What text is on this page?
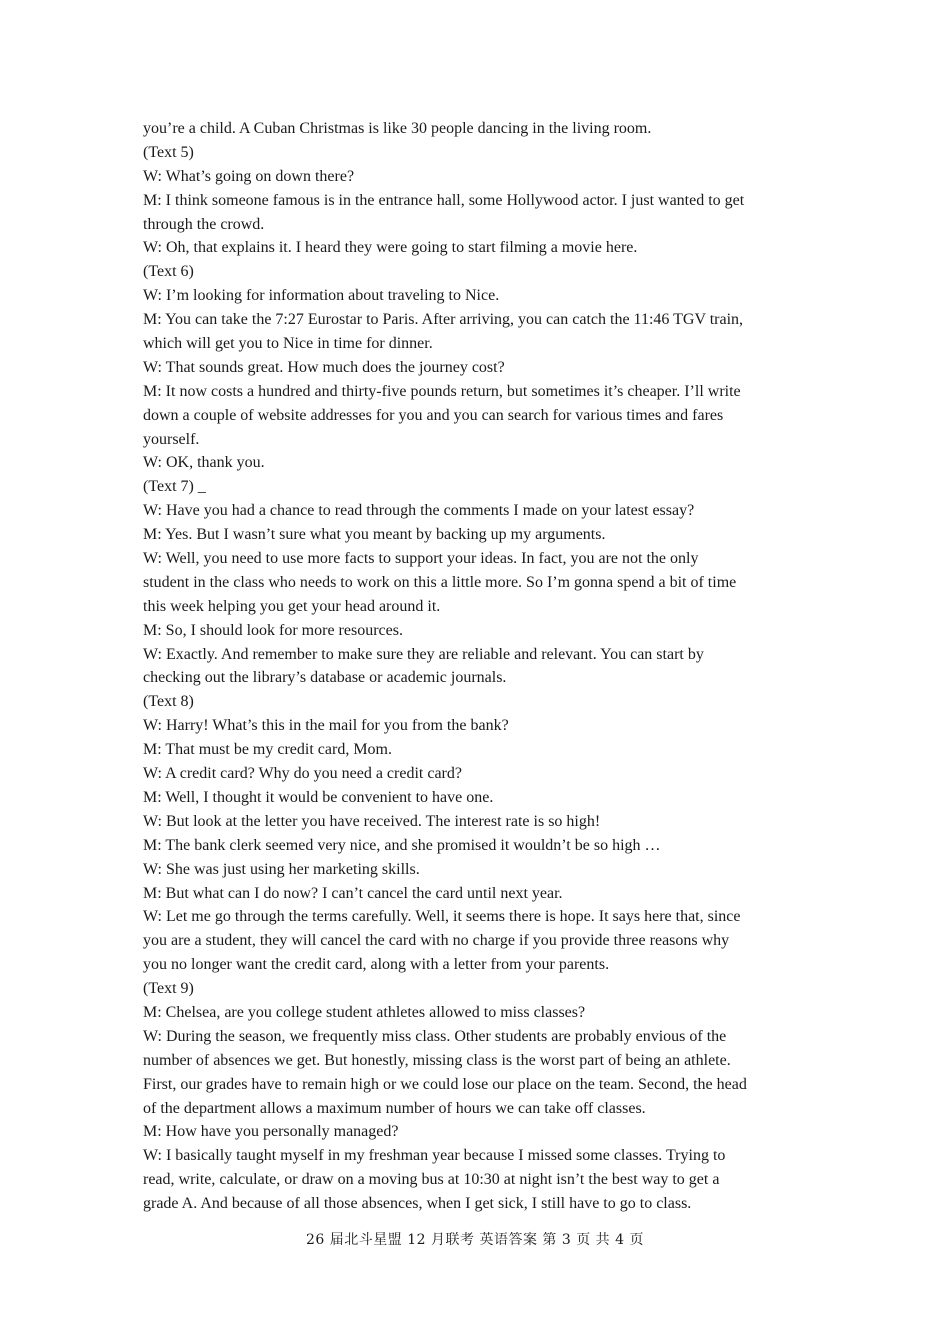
you’re a child. A Cuban Christmas is like 30 people dancing in the living room.
(Text 5)
W: What’s going on down there?
M: I think someone famous is in the entrance hall, some Hollywood actor. I just wanted to get
through the crowd.
W: Oh, that explains it. I heard they were going to start filming a movie here.
(Text 6)
W: I’m looking for information about traveling to Nice.
M: You can take the 7:27 Eurostar to Paris. After arriving, you can catch the 11:46 TGV train,
which will get you to Nice in time for dinner.
W: That sounds great. How much does the journey cost?
M: It now costs a hundred and thirty-five pounds return, but sometimes it’s cheaper. I’ll write
down a couple of website addresses for you and you can search for various times and fares
yourself.
W: OK, thank you.
(Text 7) _
W: Have you had a chance to read through the comments I made on your latest essay?
M: Yes. But I wasn’t sure what you meant by backing up my arguments.
W: Well, you need to use more facts to support your ideas. In fact, you are not the only
student in the class who needs to work on this a little more. So I’m gonna spend a bit of time
this week helping you get your head around it.
M: So, I should look for more resources.
W: Exactly. And remember to make sure they are reliable and relevant. You can start by
checking out the library’s database or academic journals.
(Text 8)
W: Harry! What’s this in the mail for you from the bank?
M: That must be my credit card, Mom.
W: A credit card? Why do you need a credit card?
M: Well, I thought it would be convenient to have one.
W: But look at the letter you have received. The interest rate is so high!
M: The bank clerk seemed very nice, and she promised it wouldn’t be so high …
W: She was just using her marketing skills.
M: But what can I do now? I can’t cancel the card until next year.
W: Let me go through the terms carefully. Well, it seems there is hope. It says here that, since
you are a student, they will cancel the card with no charge if you provide three reasons why
you no longer want the credit card, along with a letter from your parents.
(Text 9)
M: Chelsea, are you college student athletes allowed to miss classes?
W: During the season, we frequently miss class. Other students are probably envious of the
number of absences we get. But honestly, missing class is the worst part of being an athlete.
First, our grades have to remain high or we could lose our place on the team. Second, the head
of the department allows a maximum number of hours we can take off classes.
M: How have you personally managed?
W: I basically taught myself in my freshman year because I missed some classes. Trying to
read, write, calculate, or draw on a moving bus at 10:30 at night isn’t the best way to get a
grade A. And because of all those absences, when I get sick, I still have to go to class.
26 届北斗星盟 12 月联考 英语答案 第 3 页 共 4 页
